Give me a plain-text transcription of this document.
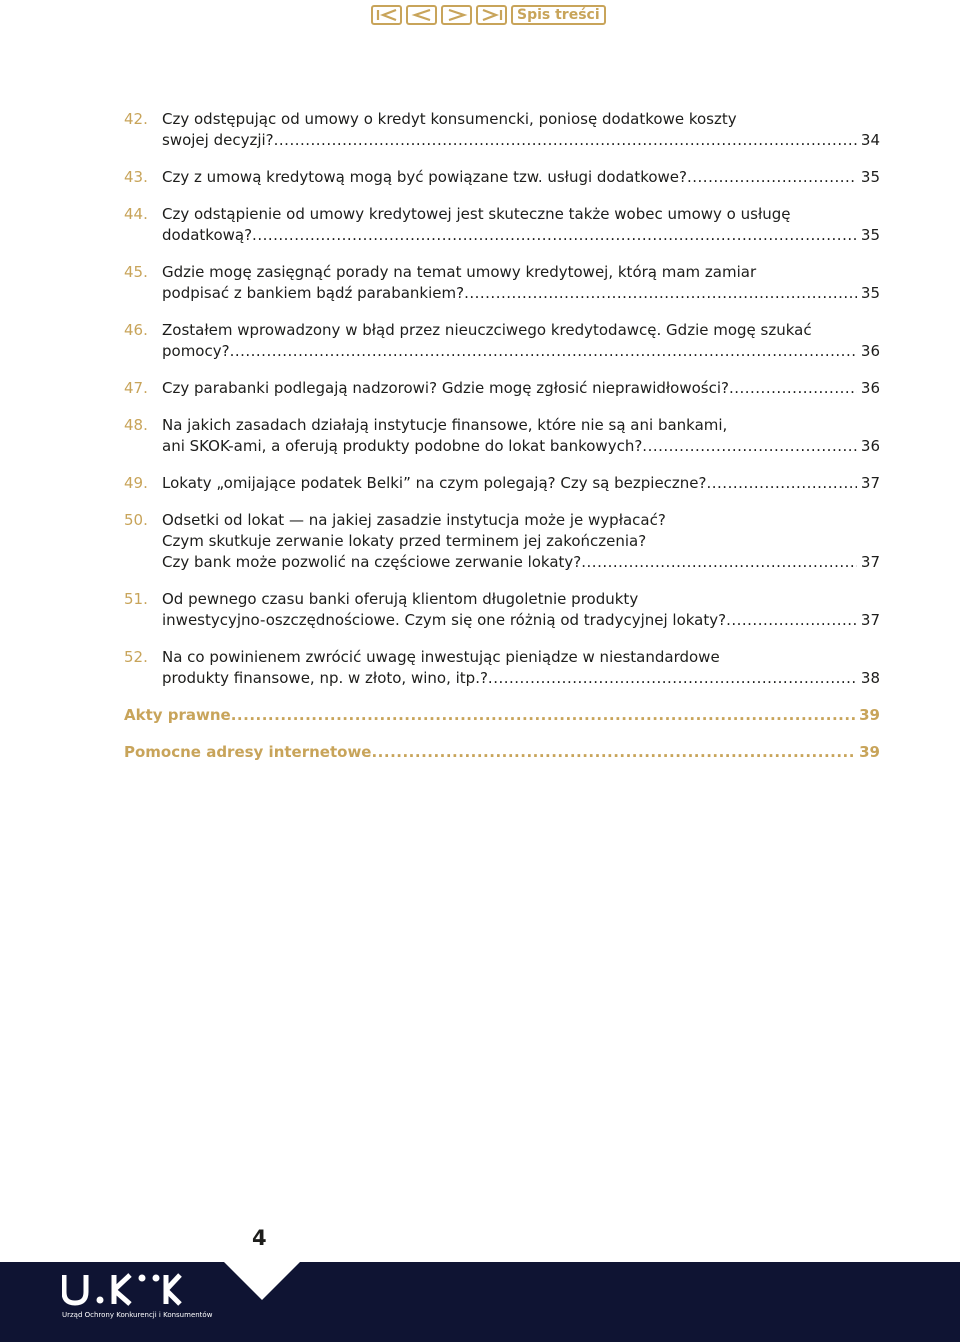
Spis treści
42. Czy odstępując od umowy o kredyt konsumencki, poniosę dodatkowe koszty
swojej decyzji? .....	34
43. Czy z umową kredytową mogą być powiązane tzw. usługi dodatkowe? .....	35
44. Czy odstąpienie od umowy kredytowej jest skuteczne także wobec umowy o usługę
dodatkową? .....	35
45. Gdzie mogę zasięgnąć porady na temat umowy kredytowej, którą mam zamiar
podpisać z bankiem bądź parabankiem? .....	35
46. Zostałem wprowadzony w błąd przez nieuczciwego kredytodawcę. Gdzie mogę szukać
pomocy? .....	36
47. Czy parabanki podlegają nadzorowi? Gdzie mogę zgłosić nieprawidłowości? .....	36
48. Na jakich zasadach działają instytucje finansowe, które nie są ani bankami,
ani SKOK-ami, a oferują produkty podobne do lokat bankowych? .....	36
49. Lokaty „omijające podatek Belki” na czym polegają? Czy są bezpieczne? .....	37
50. Odsetki od lokat — na jakiej zasadzie instytucja może je wypłacać?
Czym skutkuje zerwanie lokaty przed terminem jej zakończenia?
Czy bank może pozwolić na częściowe zerwanie lokaty? .....	37
51. Od pewnego czasu banki oferują klientom długoletnie produkty
inwestycyjno-oszczędnościowe. Czym się one różnią od tradycyjnej lokaty? .....	37
52. Na co powinienem zwrócić uwagę inwestując pieniądze w niestandardowe
produkty finansowe, np. w złoto, wino, itp.? .....	38
Akty prawne .....	39
Pomocne adresy internetowe .....	39
4
Urząd Ochrony Konkurencji i Konsumentów
